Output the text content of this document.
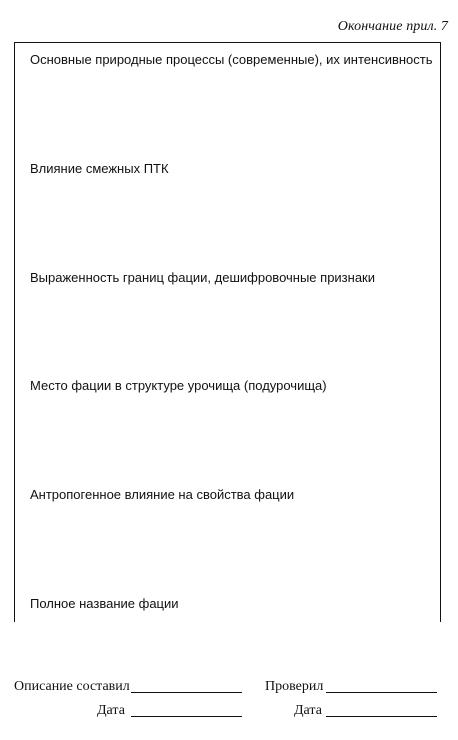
Окончание прил. 7
Основные природные процессы (современные), их интенсивность
Влияние смежных ПТК
Выраженность границ фации, дешифровочные признаки
Место фации в структуре урочища (подурочища)
Антропогенное влияние на свойства фации
Полное название фации
Описание составил	Проверил
Дата	Дата
